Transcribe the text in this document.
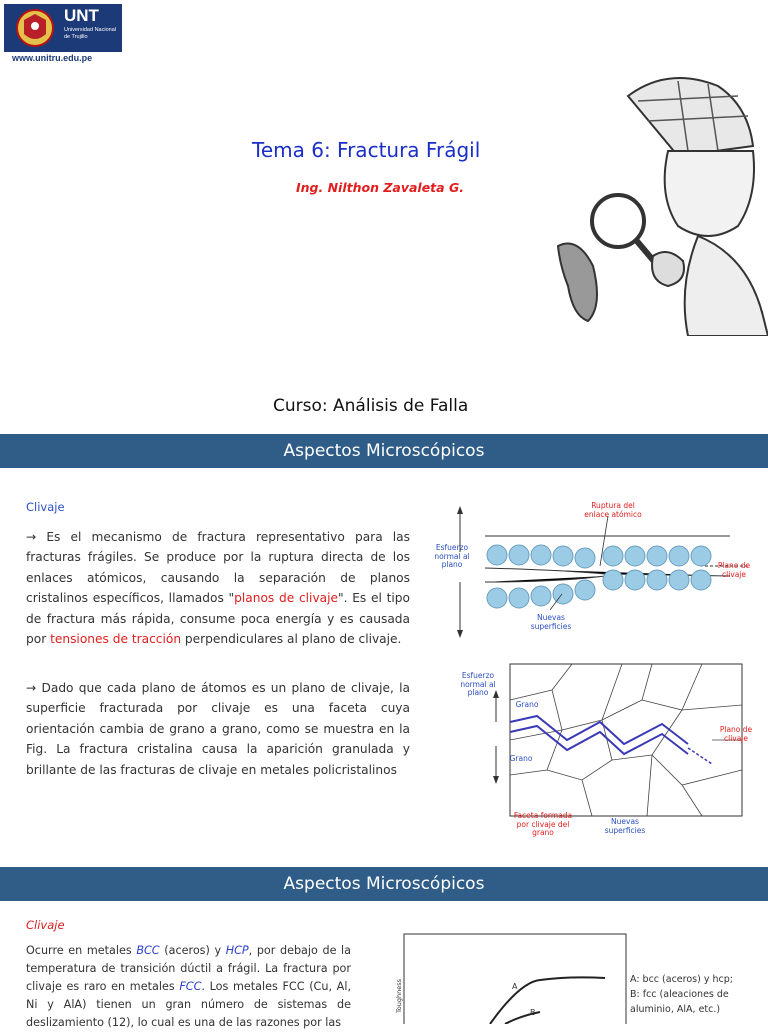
UNT
Universidad Nacional de Trujillo
www.unitru.edu.pe
Tema 6: Fractura Frágil
Ing. Nilthon Zavaleta G.
Curso: Análisis de Falla
Aspectos Microscópicos
Clivaje
→ Es el mecanismo de fractura representativo para las fracturas frágiles. Se produce por la ruptura directa de los enlaces atómicos, causando la separación de planos cristalinos específicos, llamados "planos de clivaje". Es el tipo de fractura más rápida, consume poca energía y es causada por tensiones de tracción perpendiculares al plano de clivaje.
→ Dado que cada plano de átomos es un plano de clivaje, la superficie fracturada por clivaje es una faceta cuya orientación cambia de grano a grano, como se muestra en la Fig. La fractura cristalina causa la aparición granulada y brillante de las fracturas de clivaje en metales policristalinos
Ruptura del enlace atómico
Esfuerzo normal al plano	Plano de clivaje
Nuevas superficies
Esfuerzo normal al plano
Grano
Grano
Plano de clivaje
Faceta formada por clivaje del grano
Nuevas superficies
Aspectos Microscópicos
Clivaje
Ocurre en metales BCC (aceros) y HCP, por debajo de la temperatura de transición dúctil a frágil. La fractura por clivaje es raro en metales FCC. Los metales FCC (Cu, Al, Ni y AlA) tienen un gran número de sistemas de deslizamiento (12), lo cual es una de las razones por las
A
B
Toughness	A: bcc (aceros) y hcp;
B: fcc (aleaciones de
aluminio, AlA, etc.)
